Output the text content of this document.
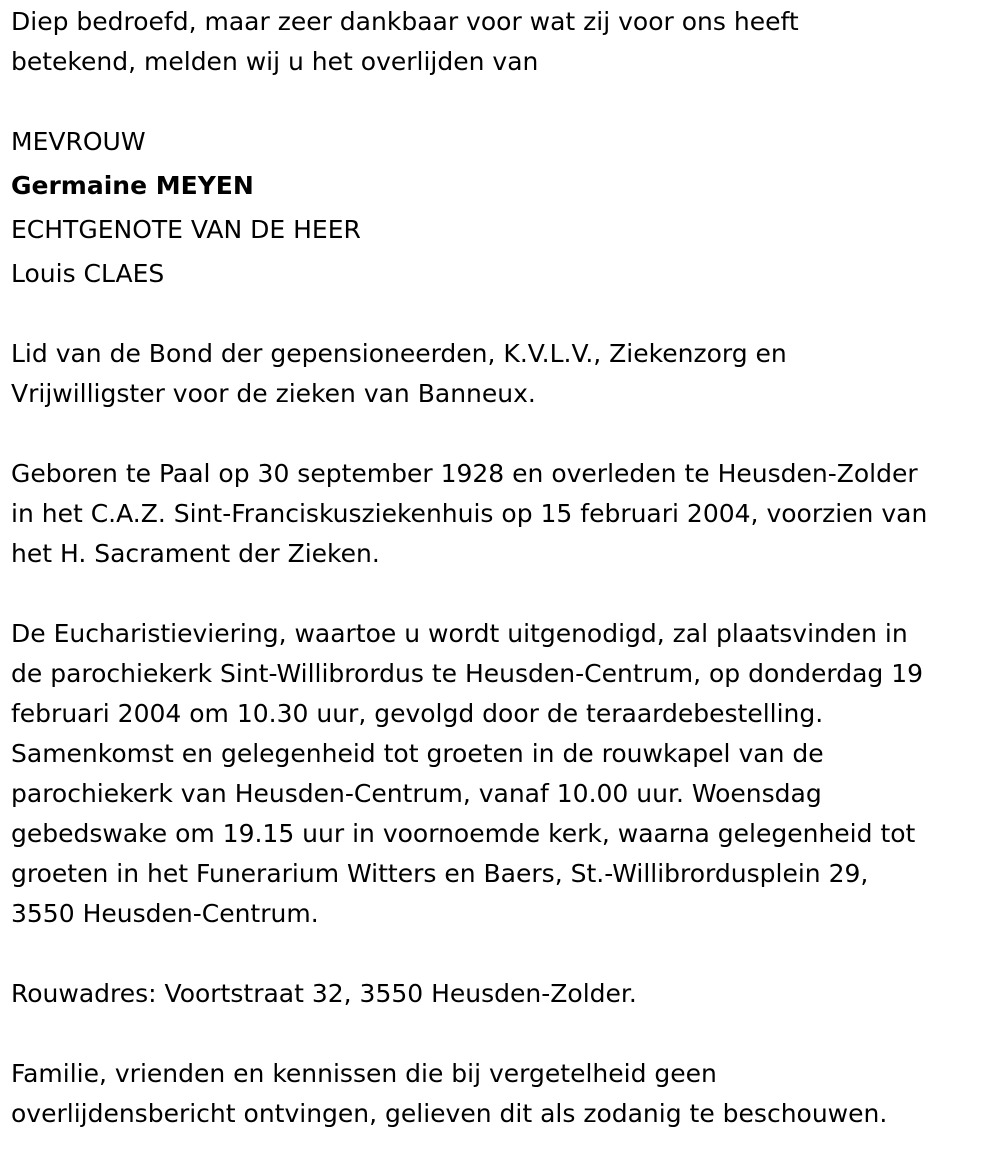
Diep bedroefd, maar zeer dankbaar voor wat zij voor ons heeft

betekend, melden wij u het overlijden van

MEVROUW

Germaine MEYEN

ECHTGENOTE VAN DE HEER

Louis CLAES

Lid van de Bond der gepensioneerden, K.V.L.V., Ziekenzorg en

Vrijwilligster voor de zieken van Banneux.

Geboren te Paal op 30 september 1928 en overleden te Heusden-Zolder

in het C.A.Z. Sint-Franciskusziekenhuis op 15 februari 2004, voorzien van

het H. Sacrament der Zieken.

De Eucharistieviering, waartoe u wordt uitgenodigd, zal plaatsvinden in

de parochiekerk Sint-Willibrordus te Heusden-Centrum, op donderdag 19

februari 2004 om 10.30 uur, gevolgd door de teraardebestelling.

Samenkomst en gelegenheid tot groeten in de rouwkapel van de

parochiekerk van Heusden-Centrum, vanaf 10.00 uur. Woensdag

gebedswake om 19.15 uur in voornoemde kerk, waarna gelegenheid tot

groeten in het Funerarium Witters en Baers, St.-Willibrordusplein 29,

3550 Heusden-Centrum.

Rouwadres: Voortstraat 32, 3550 Heusden-Zolder.

Familie, vrienden en kennissen die bij vergetelheid geen

overlijdensbericht ontvingen, gelieven dit als zodanig te beschouwen.
